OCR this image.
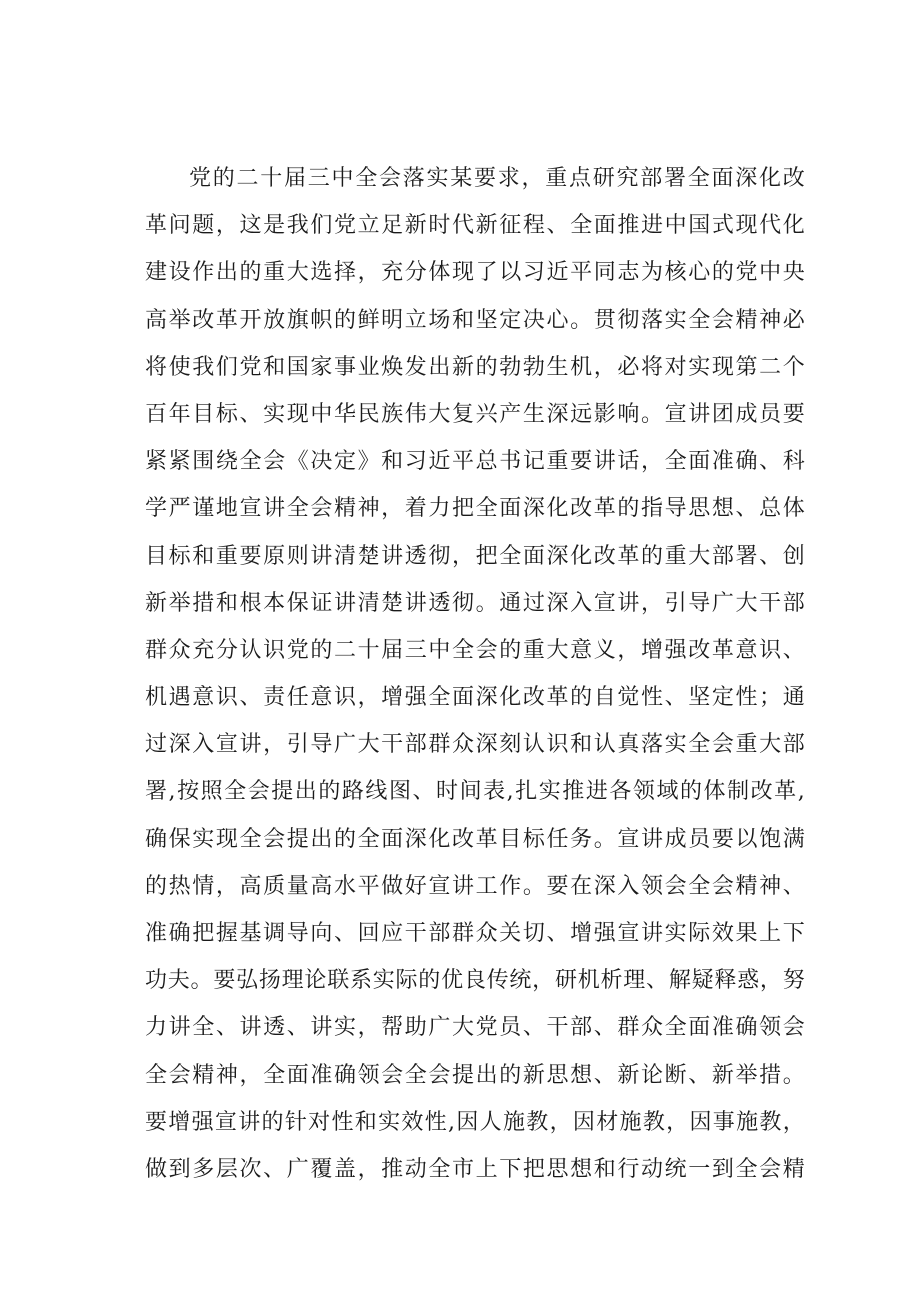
党的二十届三中全会落实某要求，重点研究部署全面深化改
革问题，这是我们党立足新时代新征程、全面推进中国式现代化
建设作出的重大选择，充分体现了以习近平同志为核心的党中央
高举改革开放旗帜的鲜明立场和坚定决心。贯彻落实全会精神必
将使我们党和国家事业焕发出新的勃勃生机，必将对实现第二个
百年目标、实现中华民族伟大复兴产生深远影响。宣讲团成员要
紧紧围绕全会《决定》和习近平总书记重要讲话，全面准确、科
学严谨地宣讲全会精神，着力把全面深化改革的指导思想、总体
目标和重要原则讲清楚讲透彻，把全面深化改革的重大部署、创
新举措和根本保证讲清楚讲透彻。通过深入宣讲，引导广大干部
群众充分认识党的二十届三中全会的重大意义，增强改革意识、
机遇意识、责任意识，增强全面深化改革的自觉性、坚定性；通
过深入宣讲，引导广大干部群众深刻认识和认真落实全会重大部
署,按照全会提出的路线图、时间表,扎实推进各领域的体制改革,
确保实现全会提出的全面深化改革目标任务。宣讲成员要以饱满
的热情，高质量高水平做好宣讲工作。要在深入领会全会精神、
准确把握基调导向、回应干部群众关切、增强宣讲实际效果上下
功夫。要弘扬理论联系实际的优良传统，研机析理、解疑释惑，努
力讲全、讲透、讲实，帮助广大党员、干部、群众全面准确领会
全会精神，全面准确领会全会提出的新思想、新论断、新举措。
要增强宣讲的针对性和实效性,因人施教，因材施教，因事施教，
做到多层次、广覆盖，推动全市上下把思想和行动统一到全会精
